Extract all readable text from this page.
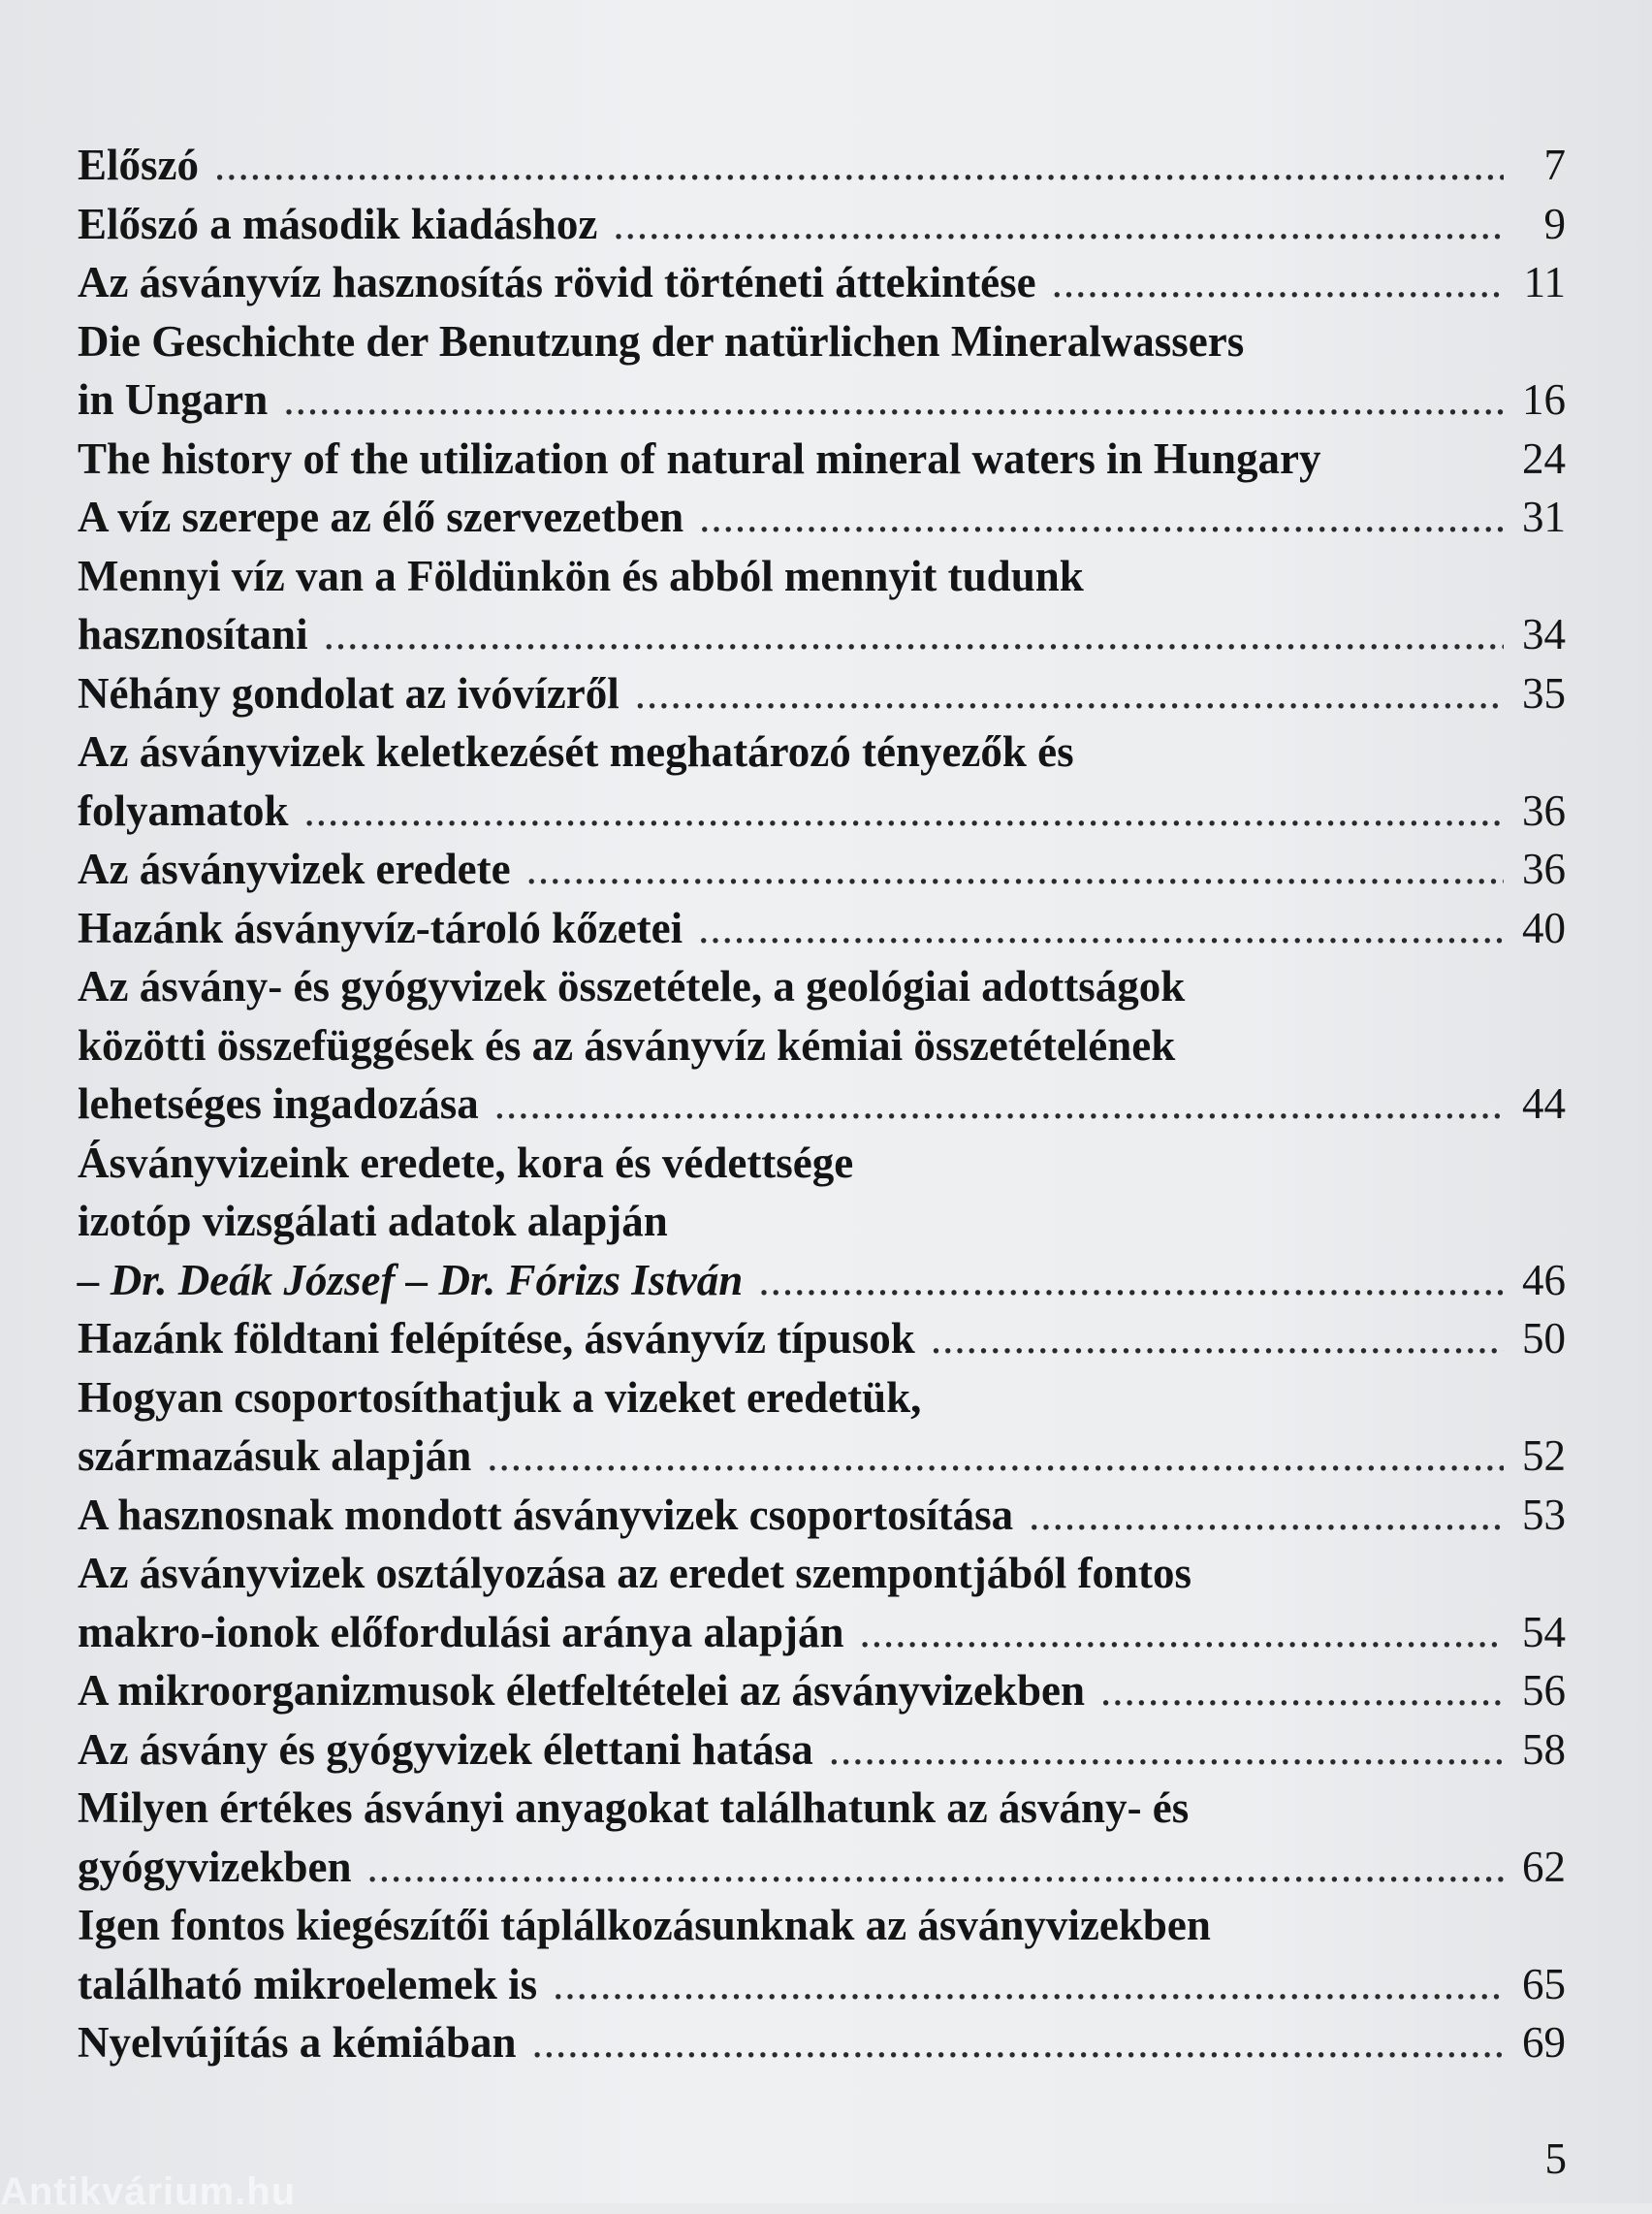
Előszó .....	7
Előszó a második kiadáshoz .....	9
Az ásványvíz hasznosítás rövid történeti áttekintése .....	11
Die Geschichte der Benutzung der natürlichen Mineralwassers
in Ungarn .....	16
The history of the utilization of natural mineral waters in Hungary	24
A víz szerepe az élő szervezetben .....	31
Mennyi víz van a Földünkön és abból mennyit tudunk
hasznosítani .....	34
Néhány gondolat az ivóvízről .....	35
Az ásványvizek keletkezését meghatározó tényezők és
folyamatok .....	36
Az ásványvizek eredete .....	36
Hazánk ásványvíz-tároló kőzetei .....	40
Az ásvány- és gyógyvizek összetétele, a geológiai adottságok
közötti összefüggések és az ásványvíz kémiai összetételének
lehetséges ingadozása .....	44
Ásványvizeink eredete, kora és védettsége
izotóp vizsgálati adatok alapján
– Dr. Deák József – Dr. Fórizs István .....	46
Hazánk földtani felépítése, ásványvíz típusok .....	50
Hogyan csoportosíthatjuk a vizeket eredetük,
származásuk alapján .....	52
A hasznosnak mondott ásványvizek csoportosítása .....	53
Az ásványvizek osztályozása az eredet szempontjából fontos
makro-ionok előfordulási aránya alapján .....	54
A mikroorganizmusok életfeltételei az ásványvizekben .....	56
Az ásvány és gyógyvizek élettani hatása .....	58
Milyen értékes ásványi anyagokat találhatunk az ásvány- és
gyógyvizekben .....	62
Igen fontos kiegészítői táplálkozásunknak az ásványvizekben
található mikroelemek is .....	65
Nyelvújítás a kémiában .....	69
5
Antikvárium.hu
